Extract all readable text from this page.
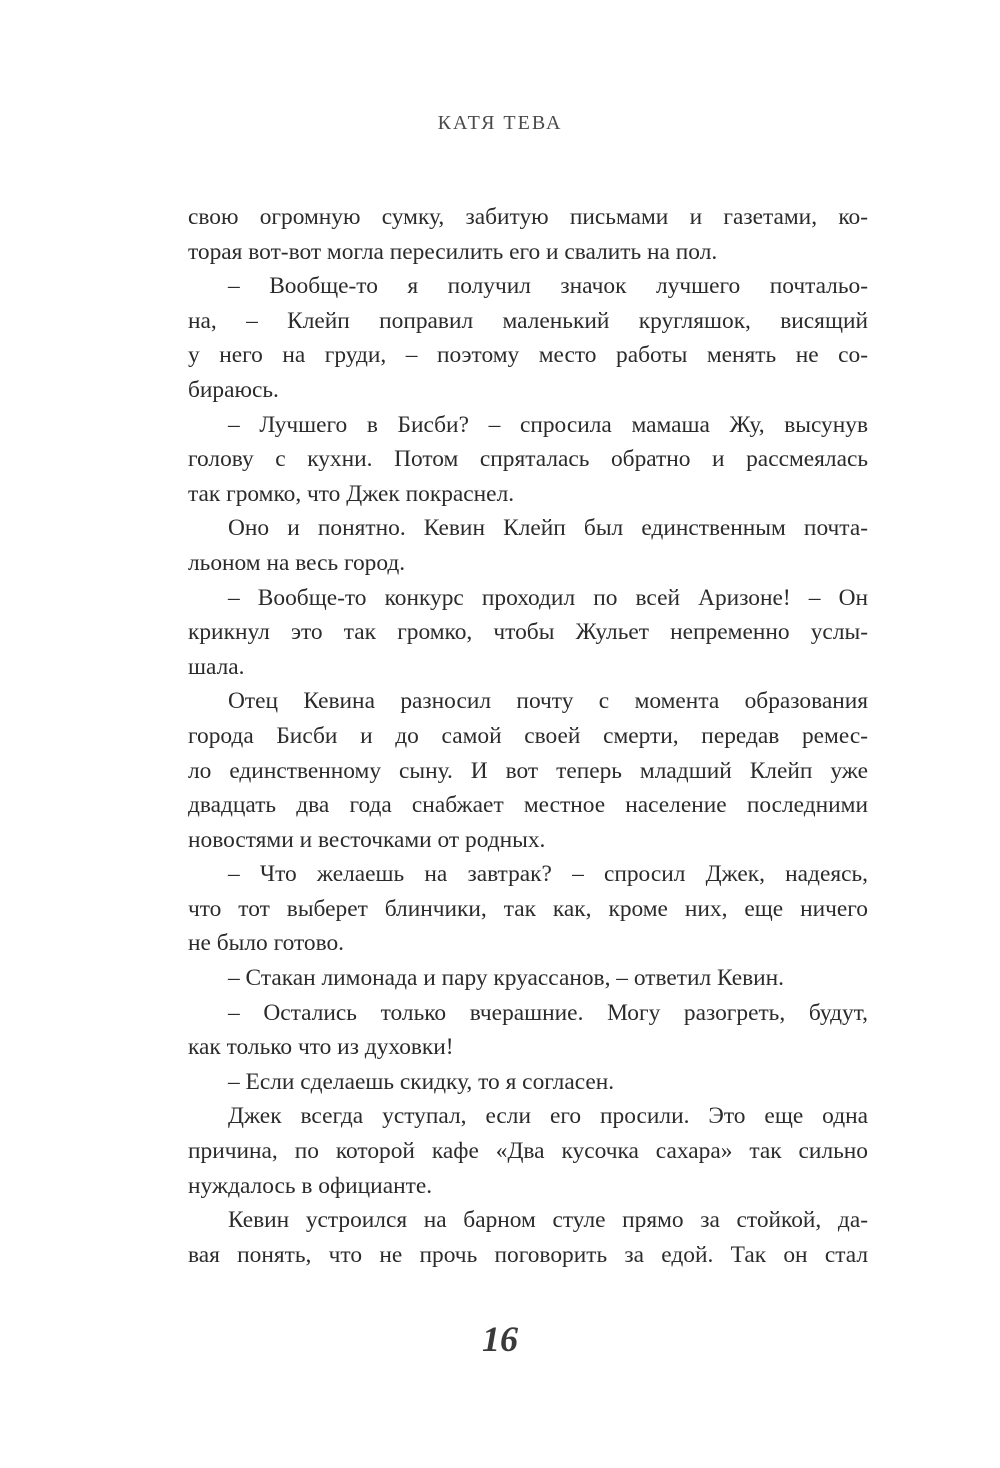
КАТЯ ТЕВА
свою огромную сумку, забитую письмами и газетами, ко-
торая вот-вот могла пересилить его и свалить на пол.
– Вообще-то я получил значок лучшего почтальо-
на, – Клейп поправил маленький кругляшок, висящий
у него на груди, – поэтому место работы менять не со-
бираюсь.
– Лучшего в Бисби? – спросила мамаша Жу, высунув
голову с кухни. Потом спряталась обратно и рассмеялась
так громко, что Джек покраснел.
Оно и понятно. Кевин Клейп был единственным почта-
льоном на весь город.
– Вообще-то конкурс проходил по всей Аризоне! – Он
крикнул это так громко, чтобы Жульет непременно услы-
шала.
Отец Кевина разносил почту с момента образования
города Бисби и до самой своей смерти, передав ремес-
ло единственному сыну. И вот теперь младший Клейп уже
двадцать два года снабжает местное население последними
новостями и весточками от родных.
– Что желаешь на завтрак? – спросил Джек, надеясь,
что тот выберет блинчики, так как, кроме них, еще ничего
не было готово.
– Стакан лимонада и пару круассанов, – ответил Кевин.
– Остались только вчерашние. Могу разогреть, будут,
как только что из духовки!
– Если сделаешь скидку, то я согласен.
Джек всегда уступал, если его просили. Это еще одна
причина, по которой кафе «Два кусочка сахара» так сильно
нуждалось в официанте.
Кевин устроился на барном стуле прямо за стойкой, да-
вая понять, что не прочь поговорить за едой. Так он стал
16
